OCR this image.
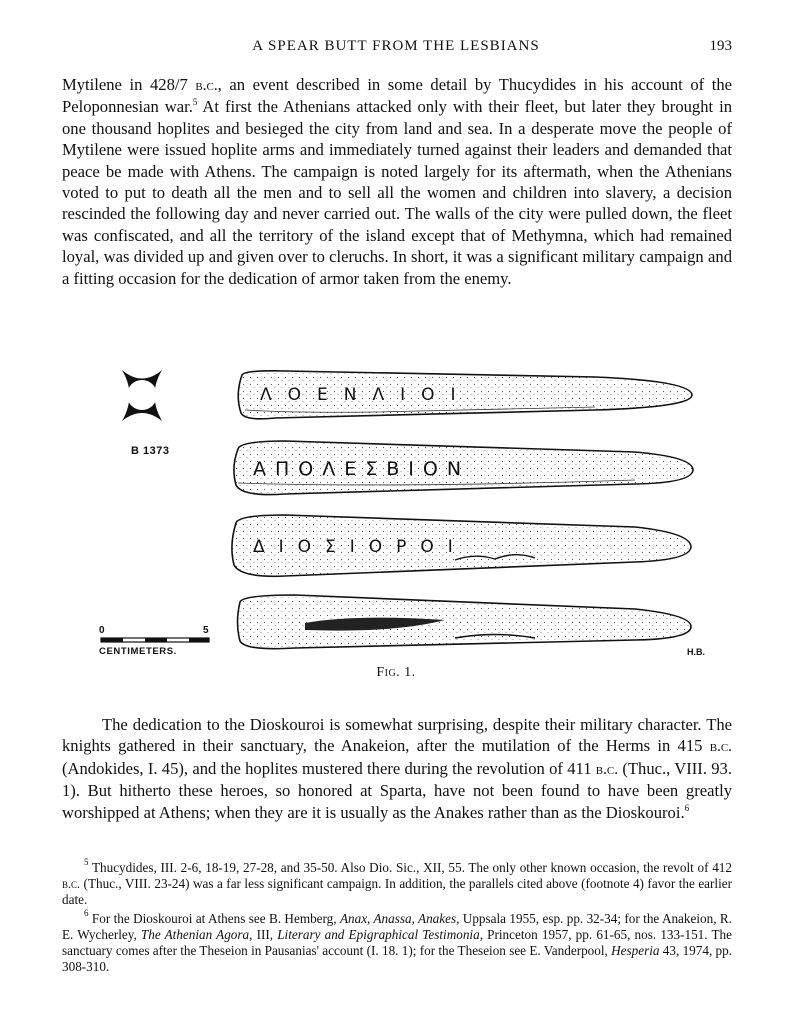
A SPEAR BUTT FROM THE LESBIANS	193

Mytilene in 428/7 b.c., an event described in some detail by Thucydides in his account of the Peloponnesian war.$^5$ At first the Athenians attacked only with their fleet, but later they brought in one thousand hoplites and besieged the city from land and sea. In a desperate move the people of Mytilene were issued hoplite arms and immediately turned against their leaders and demanded that peace be made with Athens. The campaign is noted largely for its aftermath, when the Athenians voted to put to death all the men and to sell all the women and children into slavery, a decision rescinded the following day and never carried out. The walls of the city were pulled down, the fleet was confiscated, and all the territory of the island except that of Methymna, which had remained loyal, was divided up and given over to cleruchs. In short, it was a significant military campaign and a fitting occasion for the dedication of armor taken from the enemy.

B 1373
0	5
CENTIMETERS.	H.B.
ΛΟΕΝΛΙΟΙ
ΑΠΟΛΕΣΒΙΟΝ
ΔΙΟΣΙΟΡΟΙ
Fig. 1.

The dedication to the Dioskouroi is somewhat surprising, despite their military character. The knights gathered in their sanctuary, the Anakeion, after the mutilation of the Herms in 415 b.c. (Andokides, I. 45), and the hoplites mustered there during the revolution of 411 b.c. (Thuc., VIII. 93. 1). But hitherto these heroes, so honored at Sparta, have not been found to have been greatly worshipped at Athens; when they are it is usually as the Anakes rather than as the Dioskouroi.$^6$

$^5$ Thucydides, III. 2-6, 18-19, 27-28, and 35-50. Also Dio. Sic., XII, 55. The only other known occasion, the revolt of 412 b.c. (Thuc., VIII. 23-24) was a far less significant campaign. In addition, the parallels cited above (footnote 4) favor the earlier date.

$^6$ For the Dioskouroi at Athens see B. Hemberg, Anax, Anassa, Anakes, Uppsala 1955, esp. pp. 32-34; for the Anakeion, R. E. Wycherley, The Athenian Agora, III, Literary and Epigraphical Testimonia, Princeton 1957, pp. 61-65, nos. 133-151. The sanctuary comes after the Theseion in Pausanias' account (I. 18. 1); for the Theseion see E. Vanderpool, Hesperia 43, 1974, pp. 308-310.
